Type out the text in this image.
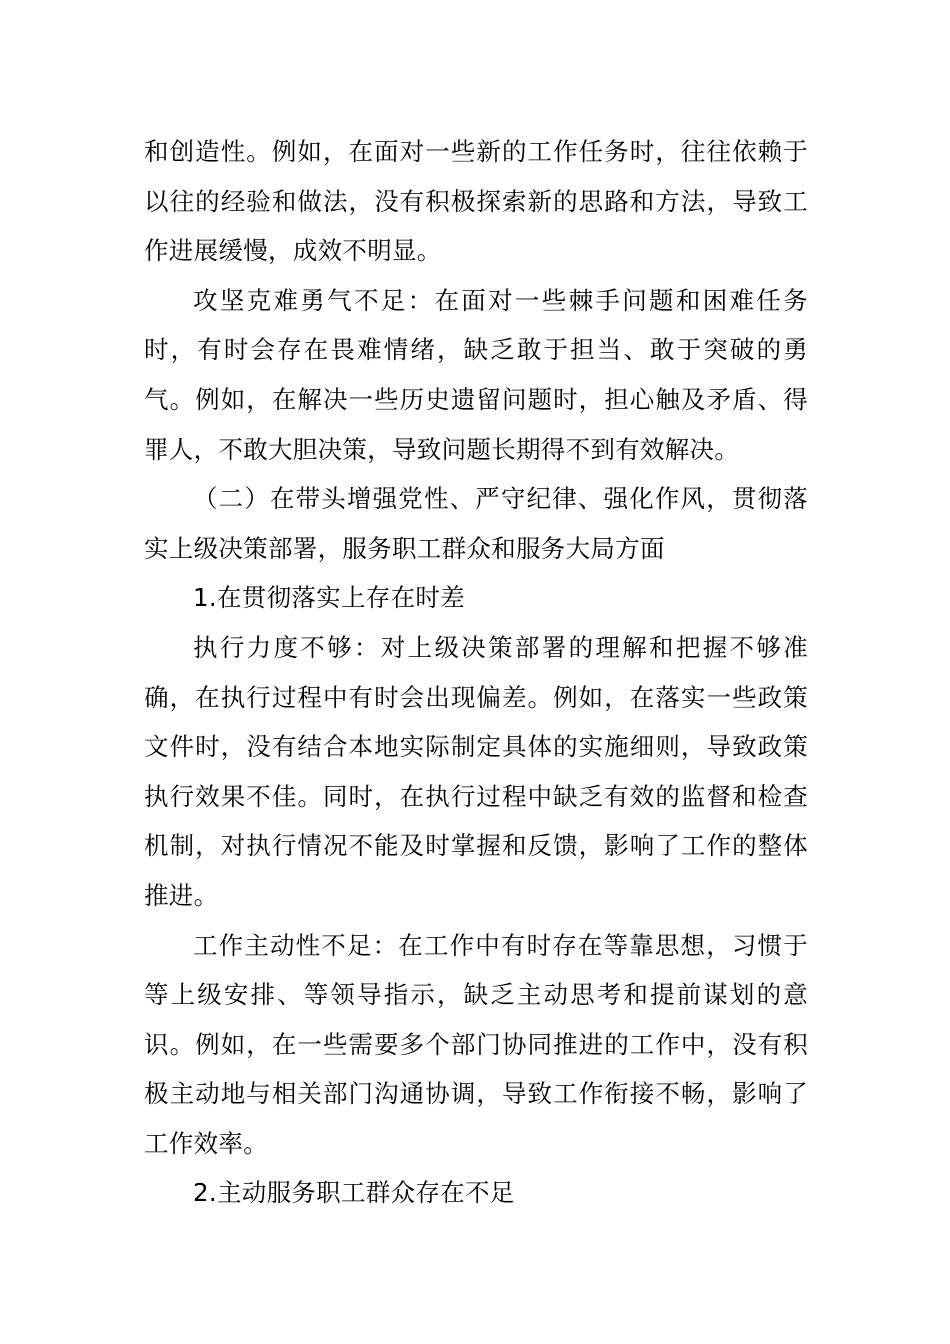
和创造性。例如，在面对一些新的工作任务时，往往依赖于以往的经验和做法，没有积极探索新的思路和方法，导致工作进展缓慢，成效不明显。

攻坚克难勇气不足：在面对一些棘手问题和困难任务时，有时会存在畏难情绪，缺乏敢于担当、敢于突破的勇气。例如，在解决一些历史遗留问题时，担心触及矛盾、得罪人，不敢大胆决策，导致问题长期得不到有效解决。

（二）在带头增强党性、严守纪律、强化作风，贯彻落实上级决策部署，服务职工群众和服务大局方面

1.在贯彻落实上存在时差

执行力度不够：对上级决策部署的理解和把握不够准确，在执行过程中有时会出现偏差。例如，在落实一些政策文件时，没有结合本地实际制定具体的实施细则，导致政策执行效果不佳。同时，在执行过程中缺乏有效的监督和检查机制，对执行情况不能及时掌握和反馈，影响了工作的整体推进。

工作主动性不足：在工作中有时存在等靠思想，习惯于等上级安排、等领导指示，缺乏主动思考和提前谋划的意识。例如，在一些需要多个部门协同推进的工作中，没有积极主动地与相关部门沟通协调，导致工作衔接不畅，影响了工作效率。

2.主动服务职工群众存在不足
